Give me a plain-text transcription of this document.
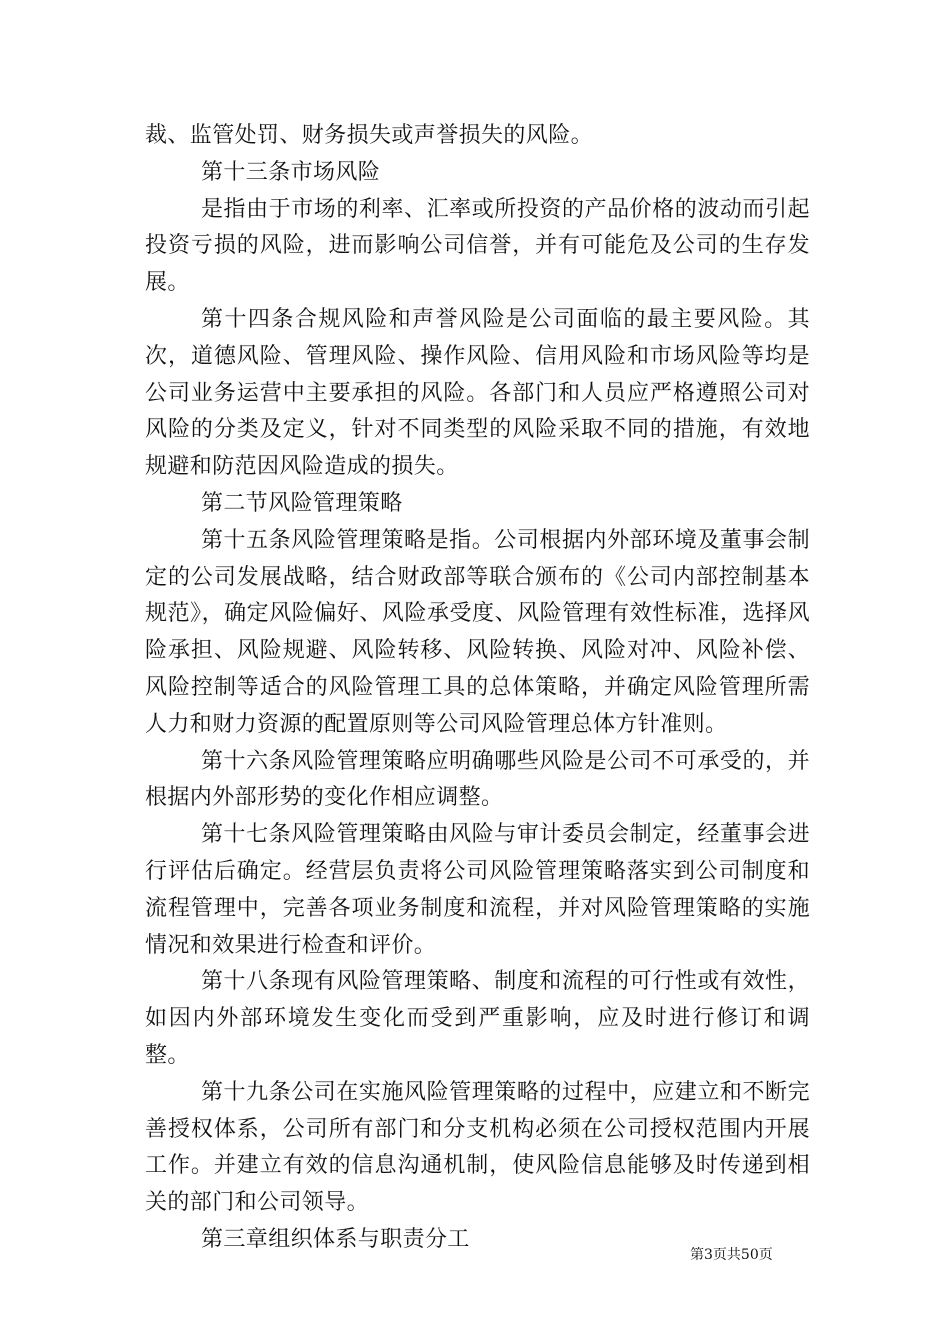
裁、监管处罚、财务损失或声誉损失的风险。

第十三条市场风险

是指由于市场的利率、汇率或所投资的产品价格的波动而引起投资亏损的风险，进而影响公司信誉，并有可能危及公司的生存发展。

第十四条合规风险和声誉风险是公司面临的最主要风险。其次，道德风险、管理风险、操作风险、信用风险和市场风险等均是公司业务运营中主要承担的风险。各部门和人员应严格遵照公司对风险的分类及定义，针对不同类型的风险采取不同的措施，有效地规避和防范因风险造成的损失。

第二节风险管理策略

第十五条风险管理策略是指。公司根据内外部环境及董事会制定的公司发展战略，结合财政部等联合颁布的《公司内部控制基本规范》，确定风险偏好、风险承受度、风险管理有效性标准，选择风险承担、风险规避、风险转移、风险转换、风险对冲、风险补偿、风险控制等适合的风险管理工具的总体策略，并确定风险管理所需人力和财力资源的配置原则等公司风险管理总体方针准则。

第十六条风险管理策略应明确哪些风险是公司不可承受的，并根据内外部形势的变化作相应调整。

第十七条风险管理策略由风险与审计委员会制定，经董事会进行评估后确定。经营层负责将公司风险管理策略落实到公司制度和流程管理中，完善各项业务制度和流程，并对风险管理策略的实施情况和效果进行检查和评价。

第十八条现有风险管理策略、制度和流程的可行性或有效性，如因内外部环境发生变化而受到严重影响，应及时进行修订和调整。

第十九条公司在实施风险管理策略的过程中，应建立和不断完善授权体系，公司所有部门和分支机构必须在公司授权范围内开展工作。并建立有效的信息沟通机制，使风险信息能够及时传递到相关的部门和公司领导。

第三章组织体系与职责分工

第3页共50页
